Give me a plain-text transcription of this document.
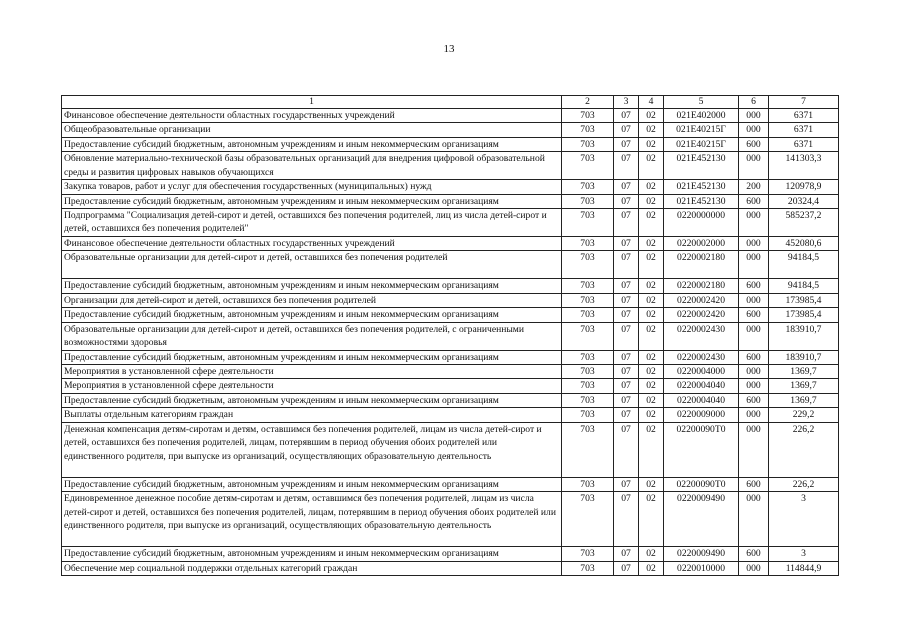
13
1	2	3	4	5	6	7
Финансовое обеспечение деятельности областных государственных учреждений	703	07	02	021E402000	000	6371
Общеобразовательные организации	703	07	02	021E40215Г	000	6371
Предоставление субсидий бюджетным, автономным учреждениям и иным некоммерческим организациям	703	07	02	021E40215Г	600	6371
Обновление материально-технической базы образовательных организаций для внедрения цифровой образовательной среды и развития цифровых навыков обучающихся	703	07	02	021E452130	000	141303,3
Закупка товаров, работ и услуг для обеспечения государственных (муниципальных) нужд	703	07	02	021E452130	200	120978,9
Предоставление субсидий бюджетным, автономным учреждениям и иным некоммерческим организациям	703	07	02	021E452130	600	20324,4
Подпрограмма "Социализация детей-сирот и детей, оставшихся без попечения родителей, лиц из числа детей-сирот и детей, оставшихся без попечения родителей"	703	07	02	0220000000	000	585237,2
Финансовое обеспечение деятельности областных государственных учреждений	703	07	02	0220002000	000	452080,6
Образовательные организации для детей-сирот и детей, оставшихся без попечения родителей	703	07	02	0220002180	000	94184,5
Предоставление субсидий бюджетным, автономным учреждениям и иным некоммерческим организациям	703	07	02	0220002180	600	94184,5
Организации для детей-сирот и детей, оставшихся без попечения родителей	703	07	02	0220002420	000	173985,4
Предоставление субсидий бюджетным, автономным учреждениям и иным некоммерческим организациям	703	07	02	0220002420	600	173985,4
Образовательные организации для детей-сирот и детей, оставшихся без попечения родителей, с ограниченными возможностями здоровья	703	07	02	0220002430	000	183910,7
Предоставление субсидий бюджетным, автономным учреждениям и иным некоммерческим организациям	703	07	02	0220002430	600	183910,7
Мероприятия в установленной сфере деятельности	703	07	02	0220004000	000	1369,7
Мероприятия в установленной сфере деятельности	703	07	02	0220004040	000	1369,7
Предоставление субсидий бюджетным, автономным учреждениям и иным некоммерческим организациям	703	07	02	0220004040	600	1369,7
Выплаты отдельным категориям граждан	703	07	02	0220009000	000	229,2
Денежная компенсация детям-сиротам и детям, оставшимся без попечения родителей, лицам из числа детей-сирот и детей, оставшихся без попечения родителей, лицам, потерявшим в период обучения обоих родителей или единственного родителя, при выпуске из организаций, осуществляющих образовательную деятельность	703	07	02	02200090Т0	000	226,2
Предоставление субсидий бюджетным, автономным учреждениям и иным некоммерческим организациям	703	07	02	02200090Т0	600	226,2
Единовременное денежное пособие детям-сиротам и детям, оставшимся без попечения родителей, лицам из числа детей-сирот и детей, оставшихся без попечения родителей, лицам, потерявшим в период обучения обоих родителей или единственного родителя, при выпуске из организаций, осуществляющих образовательную деятельность	703	07	02	0220009490	000	3
Предоставление субсидий бюджетным, автономным учреждениям и иным некоммерческим организациям	703	07	02	0220009490	600	3
Обеспечение мер социальной поддержки отдельных категорий граждан	703	07	02	0220010000	000	114844,9
